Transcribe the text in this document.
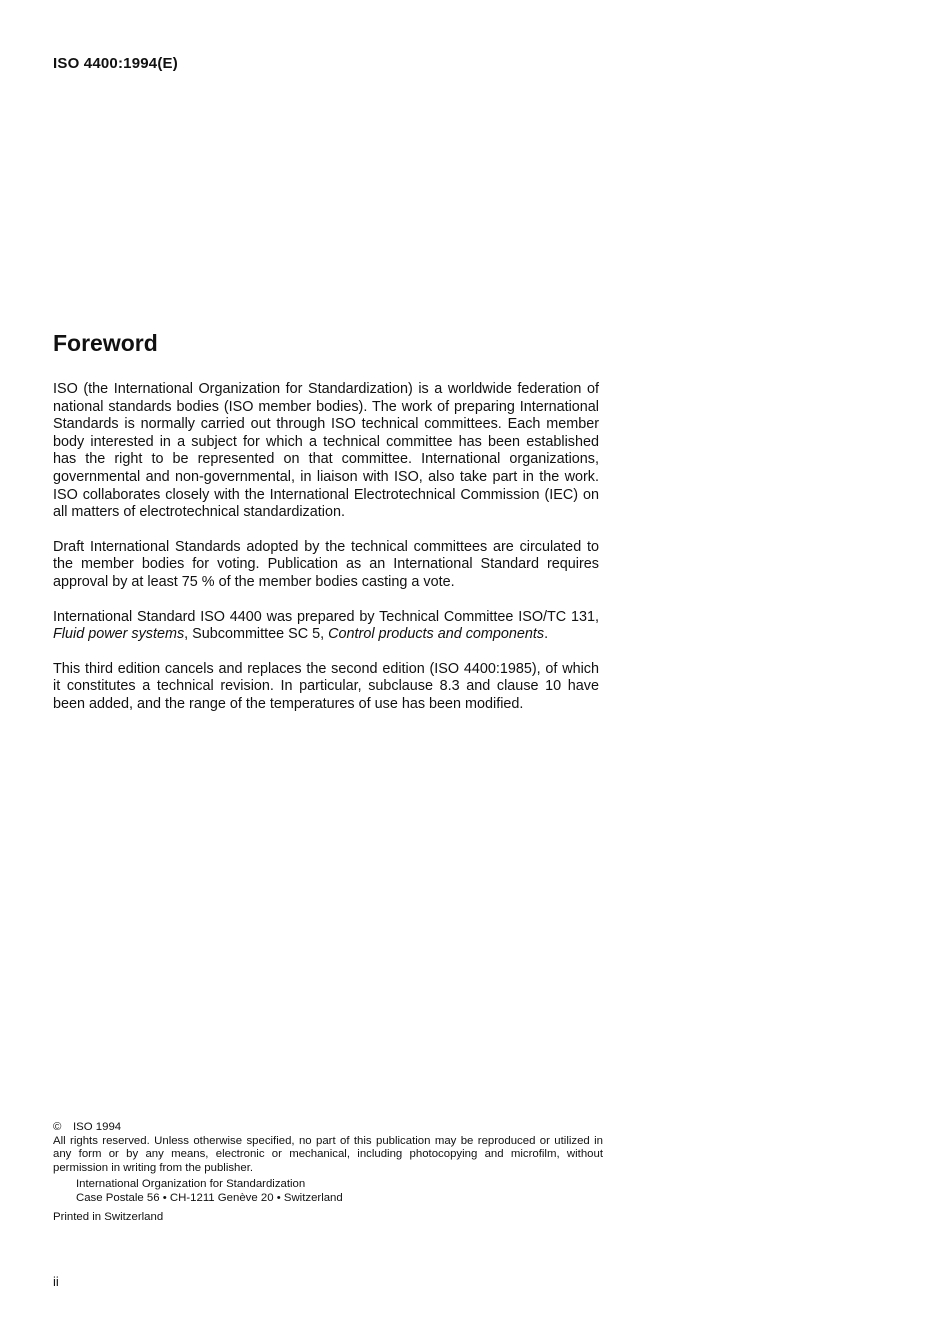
ISO 4400:1994(E)
Foreword

ISO (the International Organization for Standardization) is a worldwide federation of national standards bodies (ISO member bodies). The work of preparing International Standards is normally carried out through ISO technical committees. Each member body interested in a subject for which a technical committee has been established has the right to be represented on that committee. International organizations, governmental and non-governmental, in liaison with ISO, also take part in the work. ISO collaborates closely with the International Electrotechnical Commission (IEC) on all matters of electrotechnical standardization.

Draft International Standards adopted by the technical committees are circulated to the member bodies for voting. Publication as an International Standard requires approval by at least 75 % of the member bodies casting a vote.

International Standard ISO 4400 was prepared by Technical Committee ISO/TC 131, Fluid power systems, Subcommittee SC 5, Control products and components.

This third edition cancels and replaces the second edition (ISO 4400:1985), of which it constitutes a technical revision. In particular, subclause 8.3 and clause 10 have been added, and the range of the temperatures of use has been modified.

© ISO 1994
All rights reserved. Unless otherwise specified, no part of this publication may be reproduced or utilized in any form or by any means, electronic or mechanical, including photocopying and microfilm, without permission in writing from the publisher.
International Organization for Standardization
Case Postale 56 • CH-1211 Genève 20 • Switzerland
Printed in Switzerland
ii
